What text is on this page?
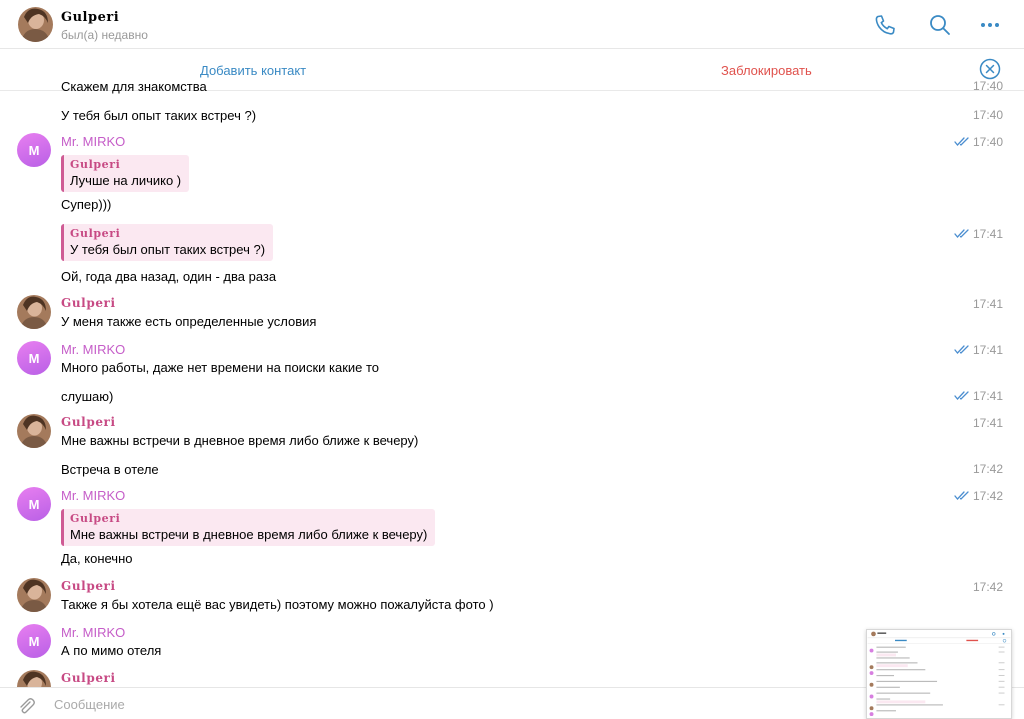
Gulperi
был(а) недавно
Добавить контакт	Заблокировать
Скажем для знакомства	17:40
У тебя был опыт таких встреч ?)	17:40
M
Mr. MIRKO	17:40
Gulperi
Лучше на личико )
Супер)))
Gulperi
У тебя был опыт таких встреч ?)
17:41
Ой, года два назад, один - два раза
Gulperi	17:41
У меня также есть определенные условия
M
Mr. MIRKO	17:41
Много работы, даже нет времени на поиски какие то
слушаю)	17:41
Gulperi	17:41
Мне важны встречи в дневное время либо ближе к вечеру)
Встреча в отеле	17:42
M
Mr. MIRKO	17:42
Gulperi
Мне важны встречи в дневное время либо ближе к вечеру)
Да, конечно
Gulperi	17:42
Также я бы хотела ещё вас увидеть) поэтому можно пожалуйста фото )
M
Mr. MIRKO
А по мимо отеля
Gulperi
Сообщение
